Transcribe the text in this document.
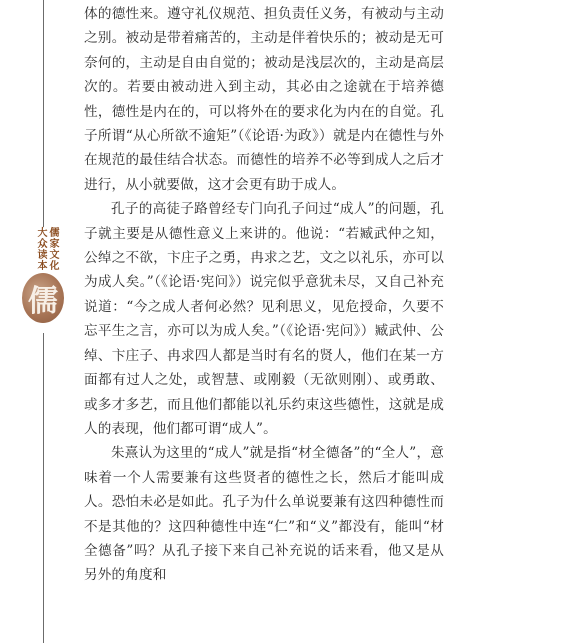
儒家文化
大众读本
儒

体的德性来。遵守礼仪规范、担负责任义务，有被动与主动之别。被动是带着痛苦的，主动是伴着快乐的；被动是无可奈何的，主动是自由自觉的；被动是浅层次的，主动是高层次的。若要由被动进入到主动，其必由之途就在于培养德性，德性是内在的，可以将外在的要求化为内在的自觉。孔子所谓“从心所欲不逾矩”（《论语·为政》）就是内在德性与外在规范的最佳结合状态。而德性的培养不必等到成人之后才进行，从小就要做，这才会更有助于成人。

孔子的高徒子路曾经专门向孔子问过“成人”的问题，孔子就主要是从德性意义上来讲的。他说：“若臧武仲之知，公绰之不欲，卞庄子之勇，冉求之艺，文之以礼乐，亦可以为成人矣。”（《论语·宪问》）说完似乎意犹未尽，又自己补充说道：“今之成人者何必然？见利思义，见危授命，久要不忘平生之言，亦可以为成人矣。”（《论语·宪问》）臧武仲、公绰、卞庄子、冉求四人都是当时有名的贤人，他们在某一方面都有过人之处，或智慧、或刚毅（无欲则刚）、或勇敢、或多才多艺，而且他们都能以礼乐约束这些德性，这就是成人的表现，他们都可谓“成人”。

朱熹认为这里的“成人”就是指“材全德备”的“全人”，意味着一个人需要兼有这些贤者的德性之长，然后才能叫成人。恐怕未必是如此。孔子为什么单说要兼有这四种德性而不是其他的？这四种德性中连“仁”和“义”都没有，能叫“材全德备”吗？从孔子接下来自己补充说的话来看，他又是从另外的角度和
